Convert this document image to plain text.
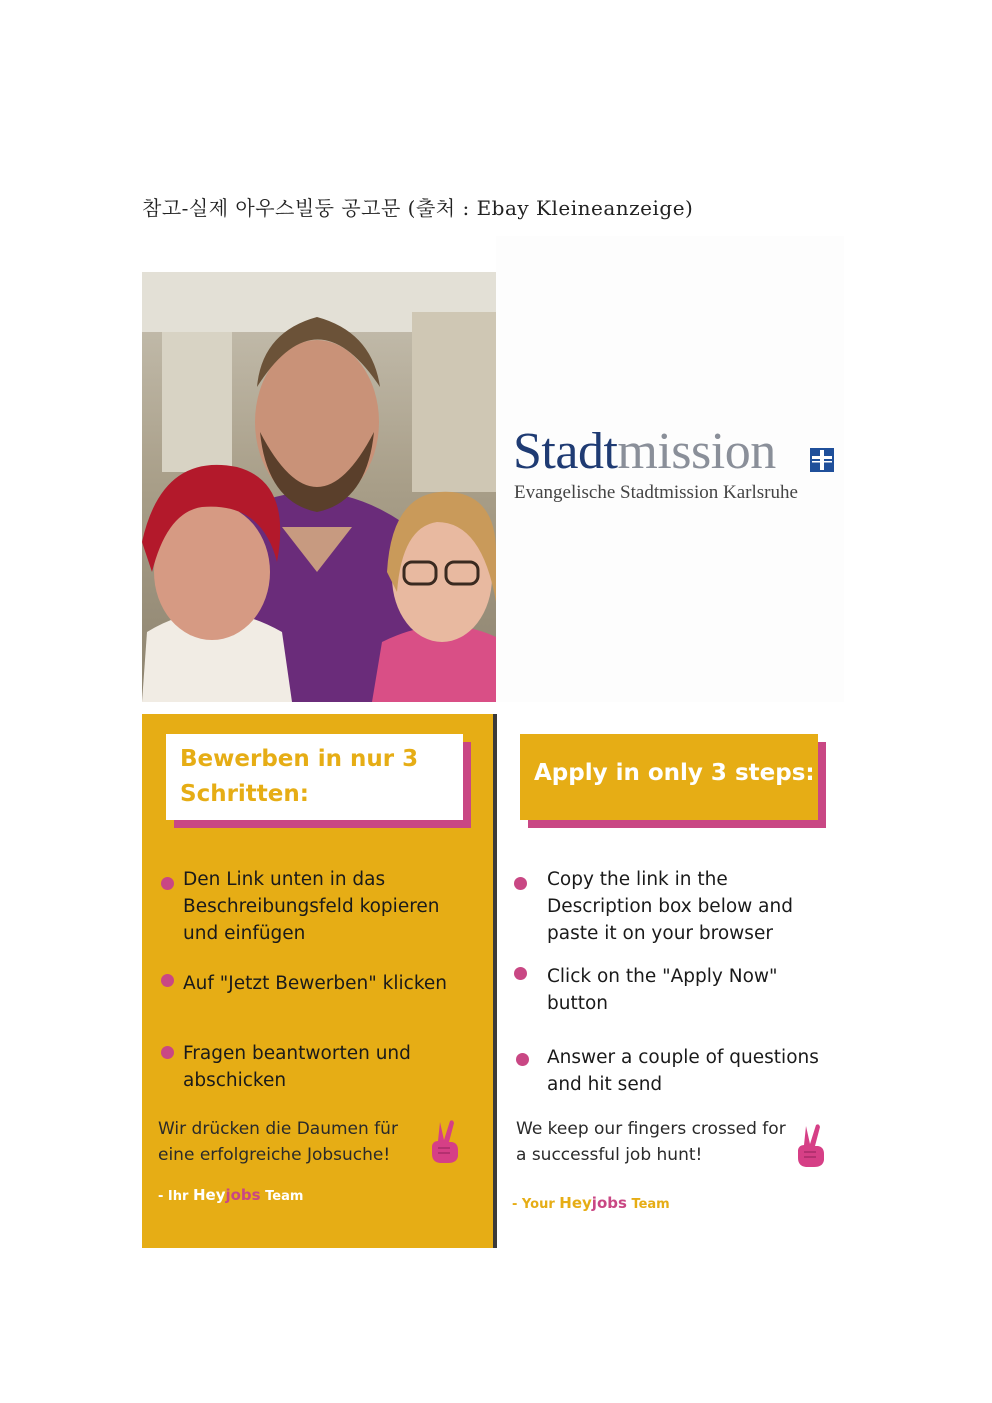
참고-실제 아우스빌둥 공고문 (출처 : Ebay Kleineanzeige)
Stadtmission
Evangelische Stadtmission Karlsruhe
Bewerben in nur 3 Schritten:
Apply in only 3 steps:
Den Link unten in das Beschreibungsfeld kopieren und einfügen
Auf "Jetzt Bewerben" klicken
Fragen beantworten und abschicken
Wir drücken die Daumen für eine erfolgreiche Jobsuche!
- Ihr Heyjobs Team
Copy the link in the Description box below and paste it on your browser
Click on the "Apply Now" button
Answer a couple of questions and hit send
We keep our fingers crossed for a successful job hunt!
- Your Heyjobs Team
